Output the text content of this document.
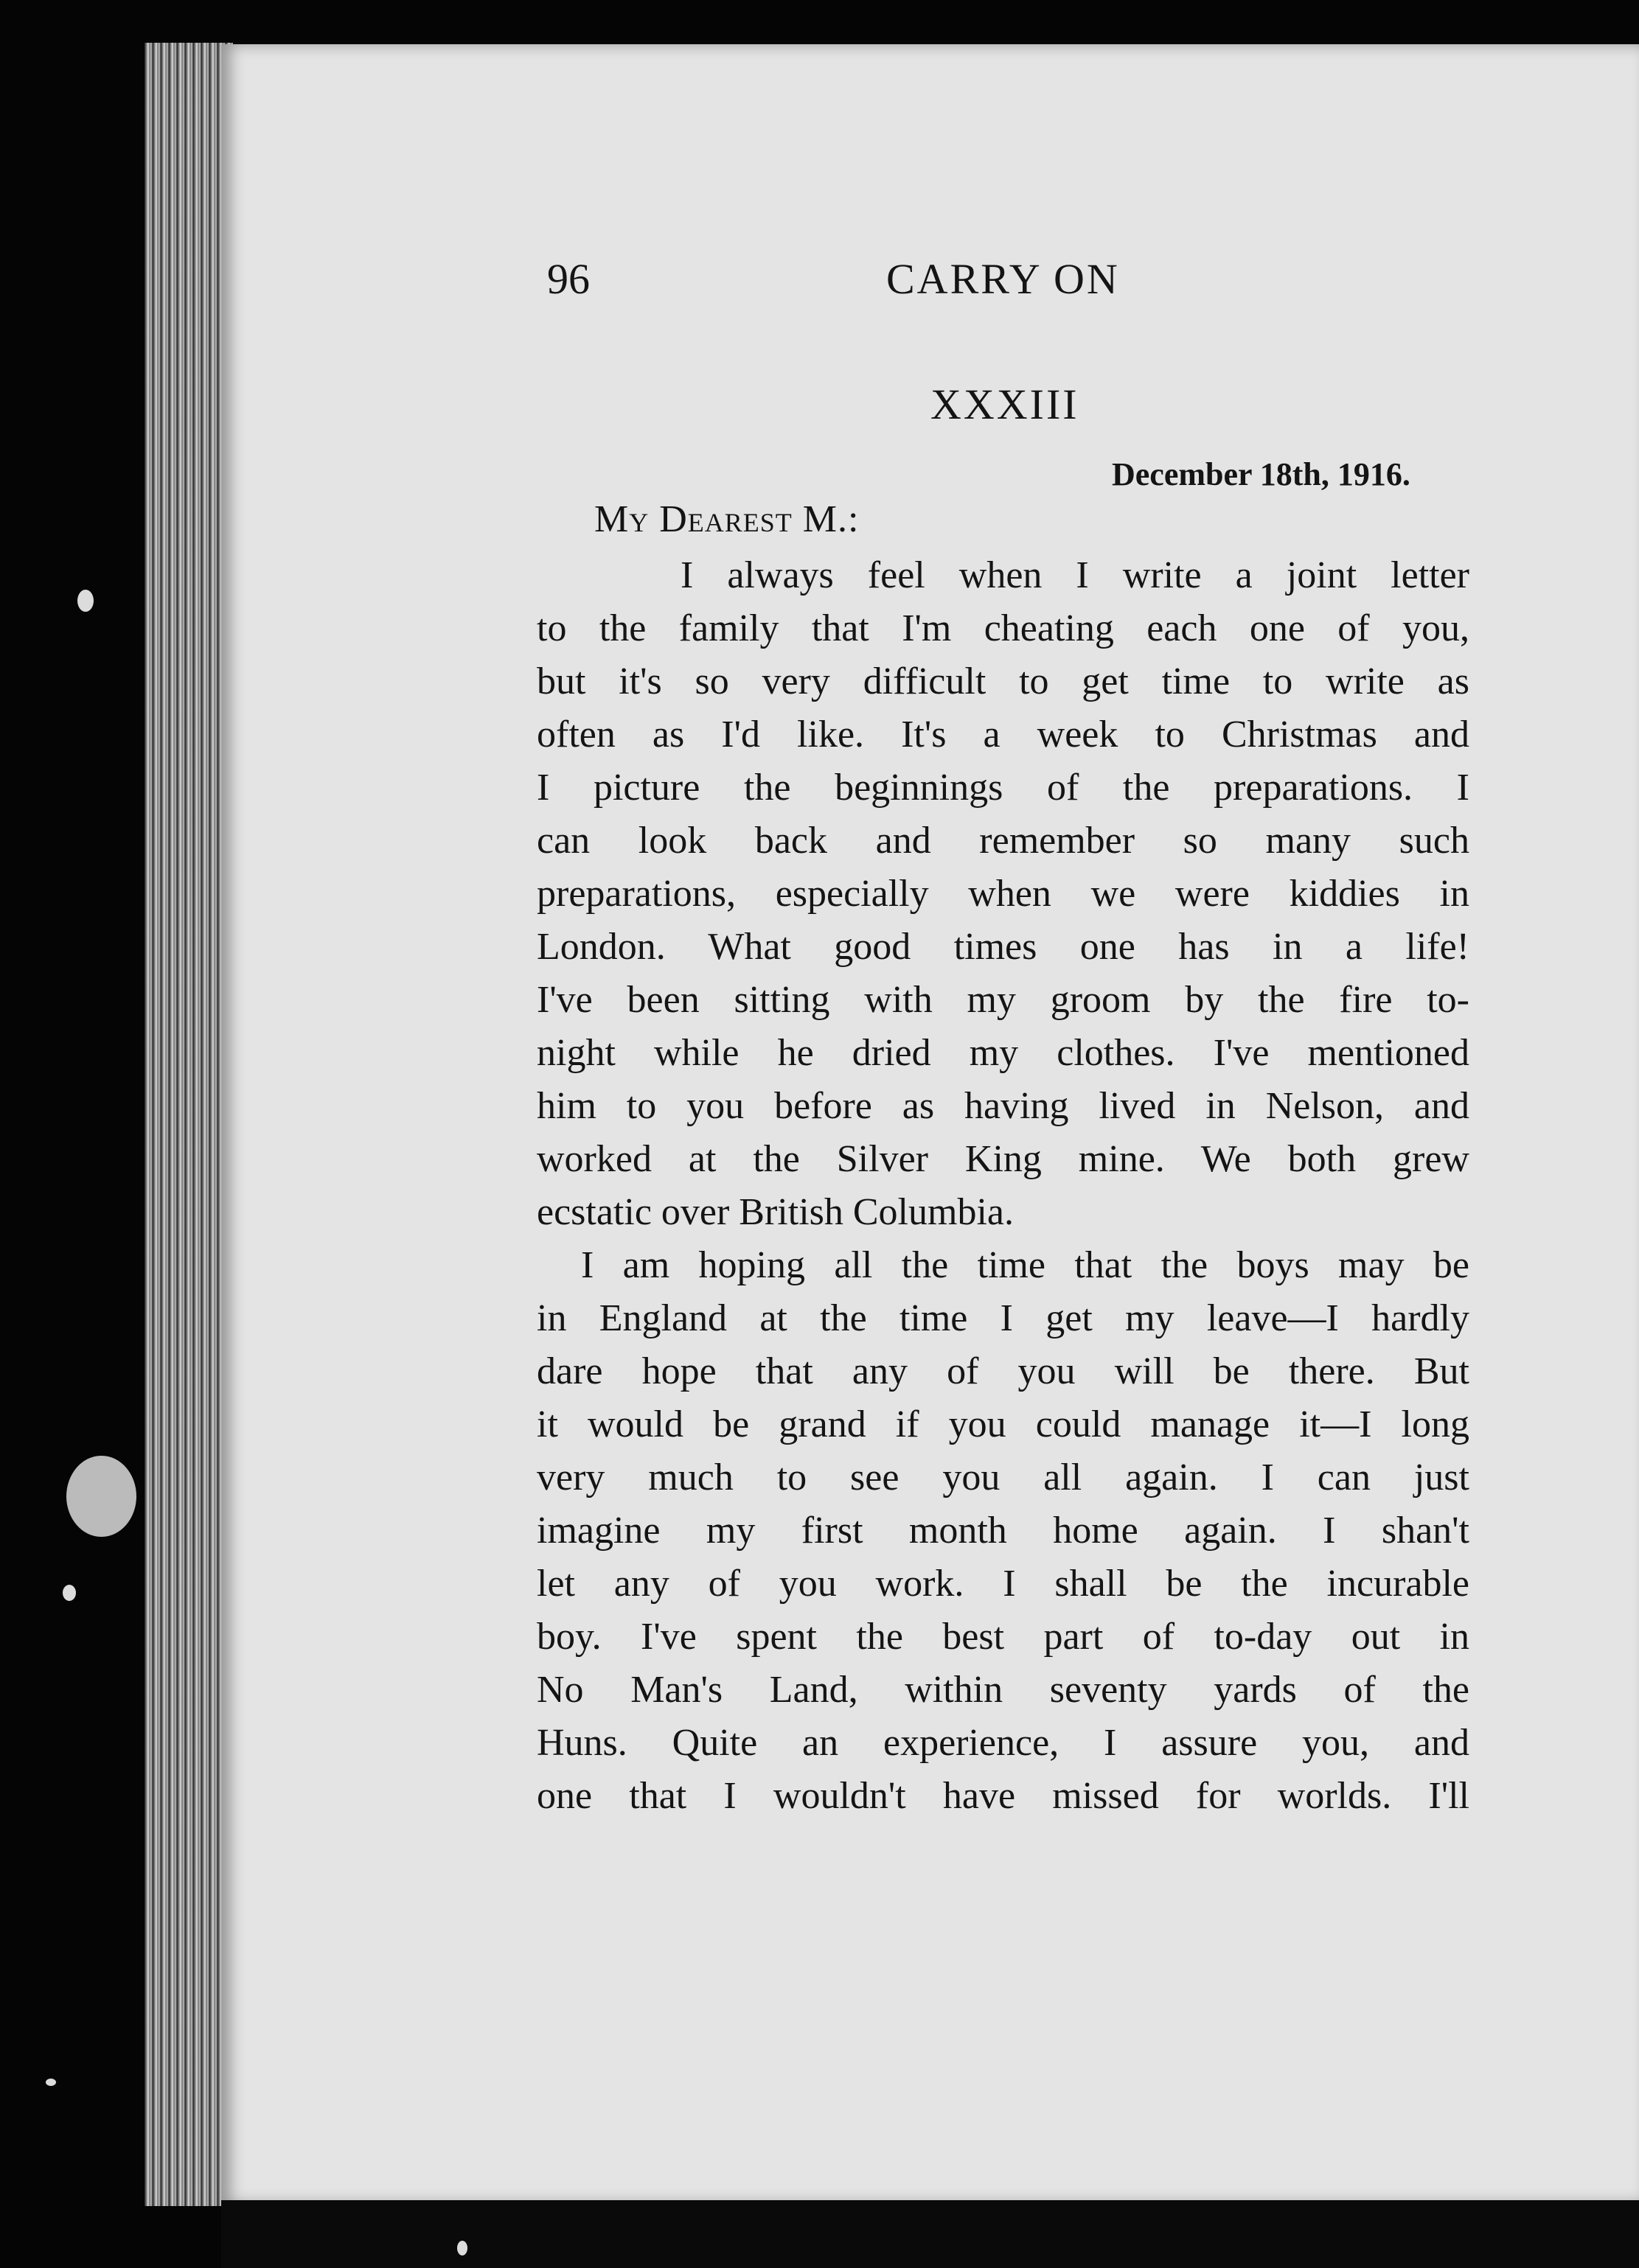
96	CARRY ON
XXXIII
December 18th, 1916.
My Dearest M.:
I always feel when I write a joint letter
to the family that I'm cheating each one of you,
but it's so very difficult to get time to write as
often as I'd like. It's a week to Christmas and
I picture the beginnings of the preparations. I
can look back and remember so many such
preparations, especially when we were kiddies in
London. What good times one has in a life!
I've been sitting with my groom by the fire to-
night while he dried my clothes. I've mentioned
him to you before as having lived in Nelson, and
worked at the Silver King mine. We both grew
ecstatic over British Columbia.
I am hoping all the time that the boys may be
in England at the time I get my leave—I hardly
dare hope that any of you will be there. But
it would be grand if you could manage it—I long
very much to see you all again. I can just
imagine my first month home again. I shan't
let any of you work. I shall be the incurable
boy. I've spent the best part of to-day out in
No Man's Land, within seventy yards of the
Huns. Quite an experience, I assure you, and
one that I wouldn't have missed for worlds. I'll
